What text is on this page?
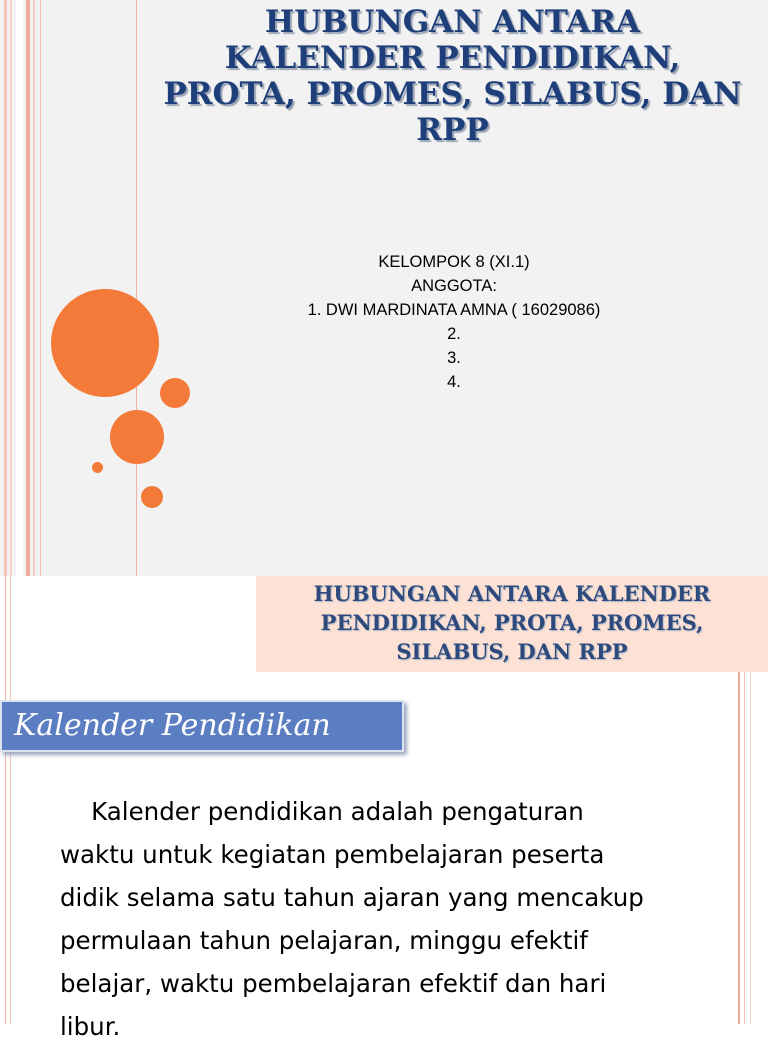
HUBUNGAN ANTARA
KALENDER PENDIDIKAN,
PROTA, PROMES, SILABUS, DAN
RPP
KELOMPOK 8 (XI.1)
ANGGOTA:
1. DWI MARDINATA AMNA ( 16029086)
2.
3.
4.
HUBUNGAN ANTARA KALENDER
PENDIDIKAN, PROTA, PROMES,
SILABUS, DAN RPP
Kalender Pendidikan
Kalender pendidikan adalah pengaturan
waktu untuk kegiatan pembelajaran peserta
didik selama satu tahun ajaran yang mencakup
permulaan tahun pelajaran, minggu efektif
belajar, waktu pembelajaran efektif dan hari
libur.
